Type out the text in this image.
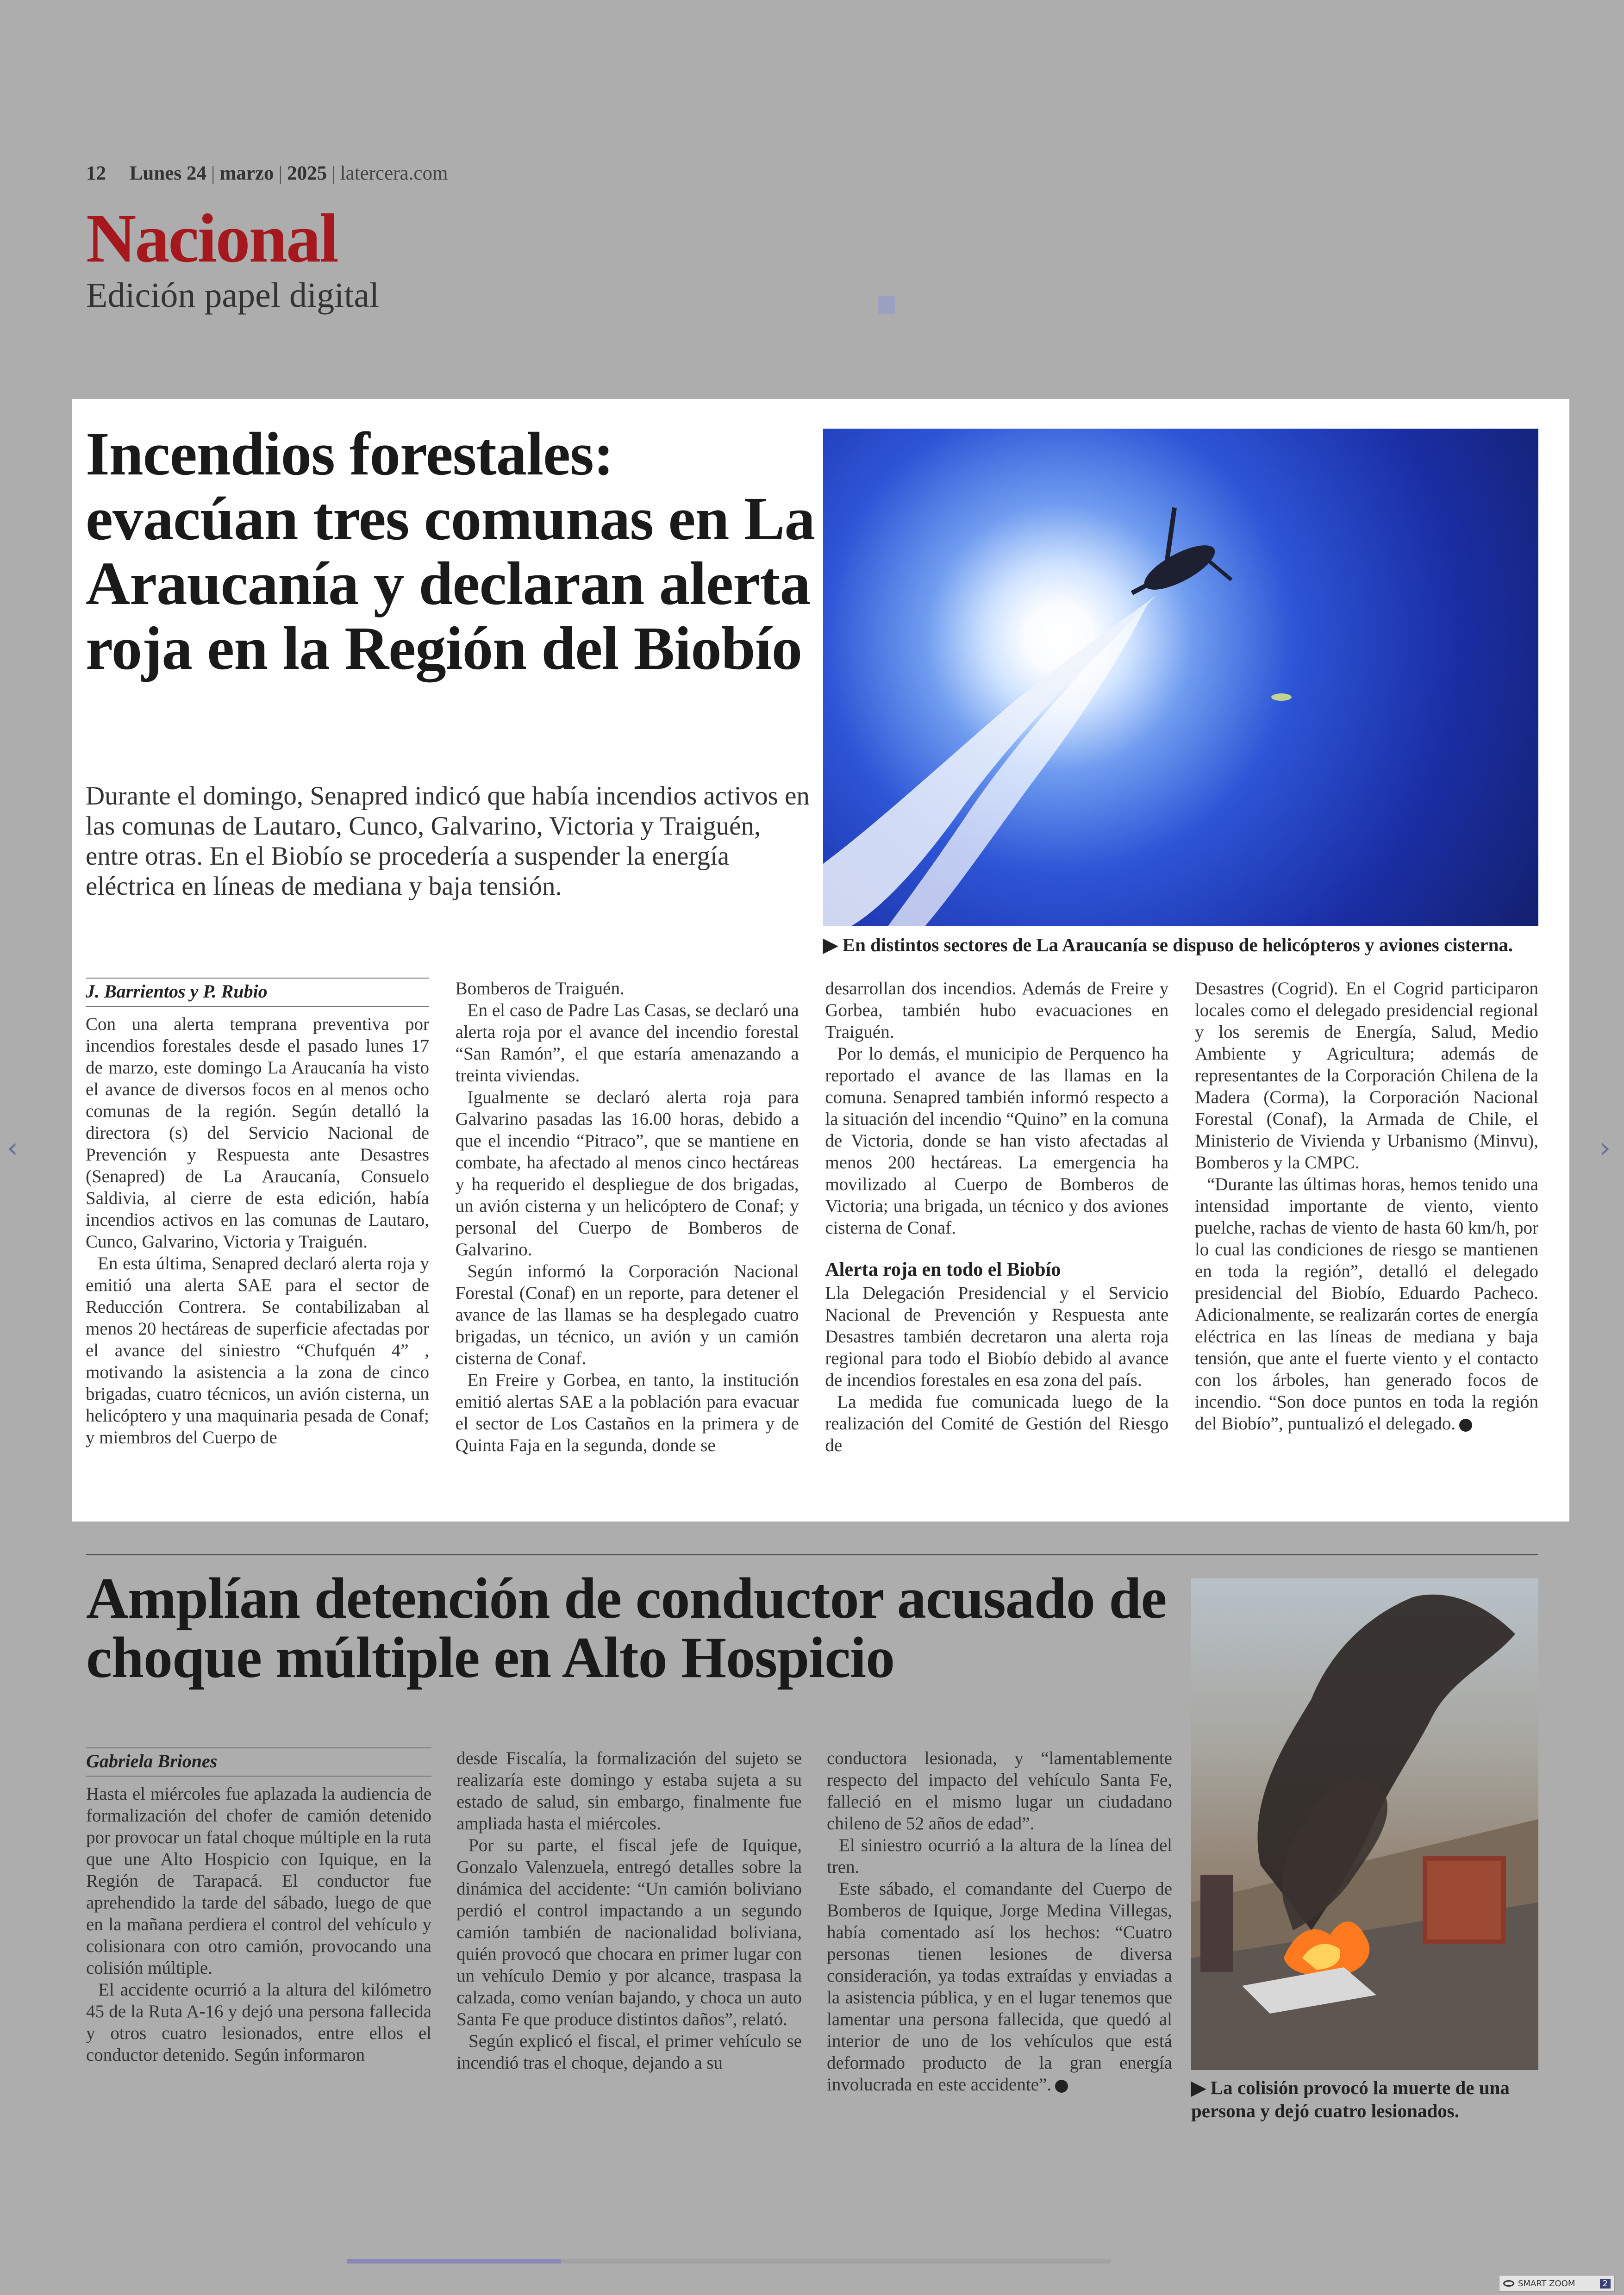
12 Lunes 24 | marzo | 2025 | latercera.com
Nacional
Edición papel digital
Incendios forestales: evacúan tres comunas en La Araucanía y declaran alerta roja en la Región del Biobío

Durante el domingo, Senapred indicó que había incendios activos en las comunas de Lautaro, Cunco, Galvarino, Victoria y Traiguén, entre otras. En el Biobío se procedería a suspender la energía eléctrica en líneas de mediana y baja tensión.

▶ En distintos sectores de La Araucanía se dispuso de helicópteros y aviones cisterna.
J. Barrientos y P. Rubio

Con una alerta temprana preventiva por incendios forestales desde el pasado lunes 17 de marzo, este domingo La Araucanía ha visto el avance de diversos focos en al menos ocho comunas de la región. Según detalló la directora (s) del Servicio Nacional de Prevención y Respuesta ante Desastres (Senapred) de La Araucanía, Consuelo Saldivia, al cierre de esta edición, había incendios activos en las comunas de Lautaro, Cunco, Galvarino, Victoria y Traiguén.

En esta última, Senapred declaró alerta roja y emitió una alerta SAE para el sector de Reducción Contrera. Se contabilizaban al menos 20 hectáreas de superficie afectadas por el avance del siniestro “Chufquén 4” , motivando la asistencia a la zona de cinco brigadas, cuatro técnicos, un avión cisterna, un helicóptero y una maquinaria pesada de Conaf; y miembros del Cuerpo de

Bomberos de Traiguén.

En el caso de Padre Las Casas, se declaró una alerta roja por el avance del incendio forestal “San Ramón”, el que estaría amenazando a treinta viviendas.

Igualmente se declaró alerta roja para Galvarino pasadas las 16.00 horas, debido a que el incendio “Pitraco”, que se mantiene en combate, ha afectado al menos cinco hectáreas y ha requerido el despliegue de dos brigadas, un avión cisterna y un helicóptero de Conaf; y personal del Cuerpo de Bomberos de Galvarino.

Según informó la Corporación Nacional Forestal (Conaf) en un reporte, para detener el avance de las llamas se ha desplegado cuatro brigadas, un técnico, un avión y un camión cisterna de Conaf.

En Freire y Gorbea, en tanto, la institución emitió alertas SAE a la población para evacuar el sector de Los Castaños en la primera y de Quinta Faja en la segunda, donde se

desarrollan dos incendios. Además de Freire y Gorbea, también hubo evacuaciones en Traiguén.

Por lo demás, el municipio de Perquenco ha reportado el avance de las llamas en la comuna. Senapred también informó respecto a la situación del incendio “Quino” en la comuna de Victoria, donde se han visto afectadas al menos 200 hectáreas. La emergencia ha movilizado al Cuerpo de Bomberos de Victoria; una brigada, un técnico y dos aviones cisterna de Conaf.

Alerta roja en todo el Biobío

Lla Delegación Presidencial y el Servicio Nacional de Prevención y Respuesta ante Desastres también decretaron una alerta roja regional para todo el Biobío debido al avance de incendios forestales en esa zona del país.

La medida fue comunicada luego de la realización del Comité de Gestión del Riesgo de

Desastres (Cogrid). En el Cogrid participaron locales como el delegado presidencial regional y los seremis de Energía, Salud, Medio Ambiente y Agricultura; además de representantes de la Corporación Chilena de la Madera (Corma), la Corporación Nacional Forestal (Conaf), la Armada de Chile, el Ministerio de Vivienda y Urbanismo (Minvu), Bomberos y la CMPC.

“Durante las últimas horas, hemos tenido una intensidad importante de viento, viento puelche, rachas de viento de hasta 60 km/h, por lo cual las condiciones de riesgo se mantienen en toda la región”, detalló el delegado presidencial del Biobío, Eduardo Pacheco. Adicionalmente, se realizarán cortes de energía eléctrica en las líneas de mediana y baja tensión, que ante el fuerte viento y el contacto con los árboles, han generado focos de incendio. “Son doce puntos en toda la región del Biobío”, puntualizó el delegado.

Amplían detención de conductor acusado de choque múltiple en Alto Hospicio
▶ La colisión provocó la muerte de una persona y dejó cuatro lesionados.
Gabriela Briones

Hasta el miércoles fue aplazada la audiencia de formalización del chofer de camión detenido por provocar un fatal choque múltiple en la ruta que une Alto Hospicio con Iquique, en la Región de Tarapacá. El conductor fue aprehendido la tarde del sábado, luego de que en la mañana perdiera el control del vehículo y colisionara con otro camión, provocando una colisión múltiple.

El accidente ocurrió a la altura del kilómetro 45 de la Ruta A-16 y dejó una persona fallecida y otros cuatro lesionados, entre ellos el conductor detenido. Según informaron

desde Fiscalía, la formalización del sujeto se realizaría este domingo y estaba sujeta a su estado de salud, sin embargo, finalmente fue ampliada hasta el miércoles.

Por su parte, el fiscal jefe de Iquique, Gonzalo Valenzuela, entregó detalles sobre la dinámica del accidente: “Un camión boliviano perdió el control impactando a un segundo camión también de nacionalidad boliviana, quién provocó que chocara en primer lugar con un vehículo Demio y por alcance, traspasa la calzada, como venían bajando, y choca un auto Santa Fe que produce distintos daños”, relató.

Según explicó el fiscal, el primer vehículo se incendió tras el choque, dejando a su

conductora lesionada, y “lamentablemente respecto del impacto del vehículo Santa Fe, falleció en el mismo lugar un ciudadano chileno de 52 años de edad”.

El siniestro ocurrió a la altura de la línea del tren.

Este sábado, el comandante del Cuerpo de Bomberos de Iquique, Jorge Medina Villegas, había comentado así los hechos: “Cuatro personas tienen lesiones de diversa consideración, ya todas extraídas y enviadas a la asistencia pública, y en el lugar tenemos que lamentar una persona fallecida, que quedó al interior de uno de los vehículos que está deformado producto de la gran energía involucrada en este accidente”.

‹	›
SMART ZOOM	2
